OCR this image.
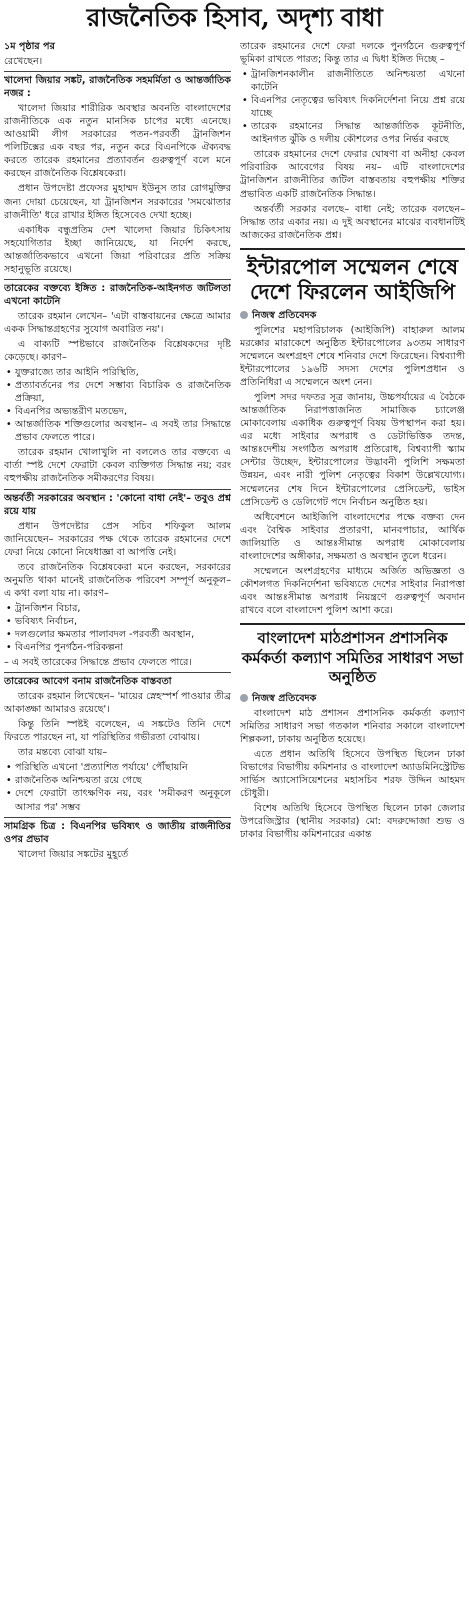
রাজনৈতিক হিসাব, অদৃশ্য বাধা
১ম পৃষ্ঠার পর

রেখেছেন।

খালেদা জিয়ার সঙ্কট, রাজনৈতিক সহমর্মিতা ও আন্তর্জাতিক নজর :

খালেদা জিয়ার শারীরিক অবস্থার অবনতি বাংলাদেশের রাজনীতিকে এক নতুন মানসিক চাপের মধ্যে এনেছে। আওয়ামী লীগ সরকারের পতন-পরবর্তী ট্রানজিশন পলিটিক্সের এক বছর পর, নতুন করে বিএনপিকে ঐক্যবদ্ধ করতে তারেক রহমানের প্রত্যাবর্তন গুরুত্বপূর্ণ বলে মনে করছেন রাজনৈতিক বিশ্লেষকেরা।

প্রধান উপদেষ্টা প্রফেসর মুহাম্মদ ইউনুস তার রোগমুক্তির জন্য দোয়া চেয়েছেন, যা ট্রানজিশন সরকারের 'সমঝোতার রাজনীতি' ধরে রাখার ইঙ্গিত হিসেবেও দেখা হচ্ছে।

একাধিক বন্ধুপ্রতিম দেশ খালেদা জিয়ার চিকিৎসায় সহযোগিতার ইচ্ছা জানিয়েছে, যা নির্দেশ করছে, আন্তর্জাতিকভাবে এখনো জিয়া পরিবারের প্রতি সক্রিয় সহানুভূতি রয়েছে।

তারেকের বক্তব্যে ইঙ্গিত : রাজনৈতিক-আইনগত জটিলতা এখনো কাটেনি

তারেক রহমান লেখেন– 'এটা বাস্তবায়নের ক্ষেত্রে আমার একক সিদ্ধান্তগ্রহণের সুযোগ অবারিত নয়'।

এ বাক্যটি স্পষ্টভাবে রাজনৈতিক বিশ্লেষকদের দৃষ্টি কেড়েছে। কারণ–

• যুক্তরাজ্যে তার আইনি পরিস্থিতি,
• প্রত্যাবর্তনের পর দেশে সম্ভাব্য বিচারিক ও রাজনৈতিক প্রক্রিয়া,
• বিএনপির অভ্যন্তরীণ মতভেদ,
• আন্তর্জাতিক শক্তিগুলোর অবস্থান– এ সবই তার সিদ্ধান্তে প্রভাব ফেলতে পারে।

তারেক রহমান খোলাখুলি না বললেও তার বক্তব্যে এ বার্তা স্পষ্ট দেশে ফেরাটা কেবল ব্যক্তিগত সিদ্ধান্ত নয়; বরং বহুপক্ষীয় রাজনৈতিক সমীকরণের বিষয়।

অন্তর্বর্তী সরকারের অবস্থান : 'কোনো বাধা নেই'– তবুও প্রশ্ন রয়ে যায়

প্রধান উপদেষ্টার প্রেস সচিব শফিকুল আলম জানিয়েছেন– সরকারের পক্ষ থেকে তারেক রহমানের দেশে ফেরা নিয়ে কোনো নিষেধাজ্ঞা বা আপত্তি নেই।

তবে রাজনৈতিক বিশ্লেষকেরা মনে করছেন, সরকারের অনুমতি থাকা মানেই রাজনৈতিক পরিবেশ সম্পূর্ণ অনুকূল– এ কথা বলা যায় না। কারণ–

• ট্রানজিশন বিচার,
• ভবিষ্যৎ নির্বাচন,
• দলগুলোর ক্ষমতার পালাবদল -পরবর্তী অবস্থান,
• বিএনপির পুনর্গঠন-পরিকল্পনা

– এ সবই তারেকের সিদ্ধান্তে প্রভাব ফেলতে পারে।

তারেকের আবেগ বনাম রাজনৈতিক বাস্তবতা

তারেক রহমান লিখেছেন– 'মায়ের স্নেহস্পর্শ পাওয়ার তীব্র আকাঙ্ক্ষা আমারও রয়েছে'।

কিন্তু তিনি স্পষ্টই বলেছেন, এ সঙ্কটেও তিনি দেশে ফিরতে পারছেন না, যা পরিস্থিতির গভীরতা বোঝায়।

তার মন্তব্যে বোঝা যায়–

• পরিস্থিতি এখনো 'প্রত্যাশিত পর্যায়ে' পৌঁছায়নি
• রাজনৈতিক অনিশ্চয়তা রয়ে গেছে
• দেশে ফেরাটা তাৎক্ষণিক নয়, বরং 'সমীকরণ অনুকূলে আসার পর' সম্ভব
সামগ্রিক চিত্র : বিএনপির ভবিষ্যৎ ও জাতীয় রাজনীতির ওপর প্রভাব

খালেদা জিয়ার সঙ্কটের মুহূর্তে

তারেক রহমানের দেশে ফেরা দলকে পুনর্গঠনে গুরুত্বপূর্ণ ভূমিকা রাখতে পারত; কিন্তু তার এ দ্বিধা ইঙ্গিত দিচ্ছে –

• ট্রানজিশনকালীন রাজনীতিতে অনিশ্চয়তা এখনো কাটেনি
• বিএনপির নেতৃত্বের ভবিষ্যৎ দিকনির্দেশনা নিয়ে প্রশ্ন রয়ে যাচ্ছে
• তারেক রহমানের সিদ্ধান্ত আন্তর্জাতিক কূটনীতি, আইনগত ঝুঁকি ও দলীয় কৌশলের ওপর নির্ভর করছে

তারেক রহমানের দেশে ফেরার ঘোষণা বা অনীহা কেবল পরিবারিক আবেগের বিষয় নয়– এটি বাংলাদেশের ট্রানজিশন রাজনীতির জটিল বাস্তবতায় বহুপক্ষীয় শক্তির প্রভাবিত একটি রাজনৈতিক সিদ্ধান্ত।

অন্তর্বর্তী সরকার বলছে– বাধা নেই; তারেক বলছেন– সিদ্ধান্ত তার একার নয়। এ দুই অবস্থানের মাঝের ব্যবধানটিই আজকের রাজনৈতিক প্রশ্ন।

ইন্টারপোল সম্মেলন শেষে দেশে ফিরলেন আইজিপি
নিজস্ব প্রতিবেদক

পুলিশের মহাপরিচালক (আইজিপি) বাহারুল আলম মরক্কোর মারাকেশে অনুষ্ঠিত ইন্টারপোলের ৯৩তম সাধারণ সম্মেলনে অংশগ্রহণ শেষে শনিবার দেশে ফিরেছেন। বিশ্বব্যাপী ইন্টারপোলের ১৯৬টি সদস্য দেশের পুলিশপ্রধান ও প্রতিনিধিরা এ সম্মেলনে অংশ নেন।

পুলিশ সদর দফতর সূত্র জানায়, উচ্চপর্যায়ের এ বৈঠকে আন্তর্জাতিক নিরাপত্তাজনিত সামাজিক চ্যালেঞ্জ মোকাবেলায় একাধিক গুরুত্বপূর্ণ বিষয় উপস্থাপন করা হয়। এর মধ্যে সাইবার অপরাধ ও ডেটাভিত্তিক তদন্ত, আন্তঃদেশীয় সংগঠিত অপরাধ প্রতিরোধ, বিশ্বব্যাপী স্ক্যাম সেন্টার উচ্ছেদ, ইন্টারপোলের উদ্ভাবনী পুলিশি সক্ষমতা উন্নয়ন, এবং নারী পুলিশ নেতৃত্বের বিকাশ উল্লেখযোগ্য। সম্মেলনের শেষ দিনে ইন্টারপোলের প্রেসিডেন্ট, ভাইস প্রেসিডেন্ট ও ডেলিগেট পদে নির্বাচন অনুষ্ঠিত হয়।

অধিবেশনে আইজিপি বাংলাদেশের পক্ষে বক্তব্য দেন এবং বৈশ্বিক সাইবার প্রতারণা, মানবপাচার, আর্থিক জালিয়াতি ও আন্তঃসীমান্ত অপরাধ মোকাবেলায় বাংলাদেশের অঙ্গীকার, সক্ষমতা ও অবস্থান তুলে ধরেন।

সম্মেলনে অংশগ্রহণের মাধ্যমে অর্জিত অভিজ্ঞতা ও কৌশলগত দিকনির্দেশনা ভবিষ্যতে দেশের সাইবার নিরাপত্তা এবং আন্তঃসীমান্ত অপরাধ নিয়ন্ত্রণে গুরুত্বপূর্ণ অবদান রাখবে বলে বাংলাদেশ পুলিশ আশা করে।

বাংলাদেশ মাঠপ্রশাসন প্রশাসনিক কর্মকর্তা কল্যাণ সমিতির সাধারণ সভা অনুষ্ঠিত
নিজস্ব প্রতিবেদক

বাংলাদেশ মাঠ প্রশাসন প্রশাসনিক কর্মকর্তা কল্যাণ সমিতির সাধারণ সভা গতকাল শনিবার সকালে বাংলাদেশ শিল্পকলা, ঢাকায় অনুষ্ঠিত হয়েছে।

এতে প্রধান অতিথি হিসেবে উপস্থিত ছিলেন ঢাকা বিভাগের বিভাগীয় কমিশনার ও বাংলাদেশ অ্যাডমিনিস্ট্রেটিভ সার্ভিস অ্যাসোসিয়েশনের মহাসচিব শরফ উদ্দিন আহমদ চৌধুরী।

বিশেষ অতিথি হিসেবে উপস্থিত ছিলেন ঢাকা জেলার উপরেজিস্ট্রার (স্থানীয় সরকার) মো: বদরুদ্দোজা শুভ ও ঢাকার বিভাগীয় কমিশনারের একান্ত
